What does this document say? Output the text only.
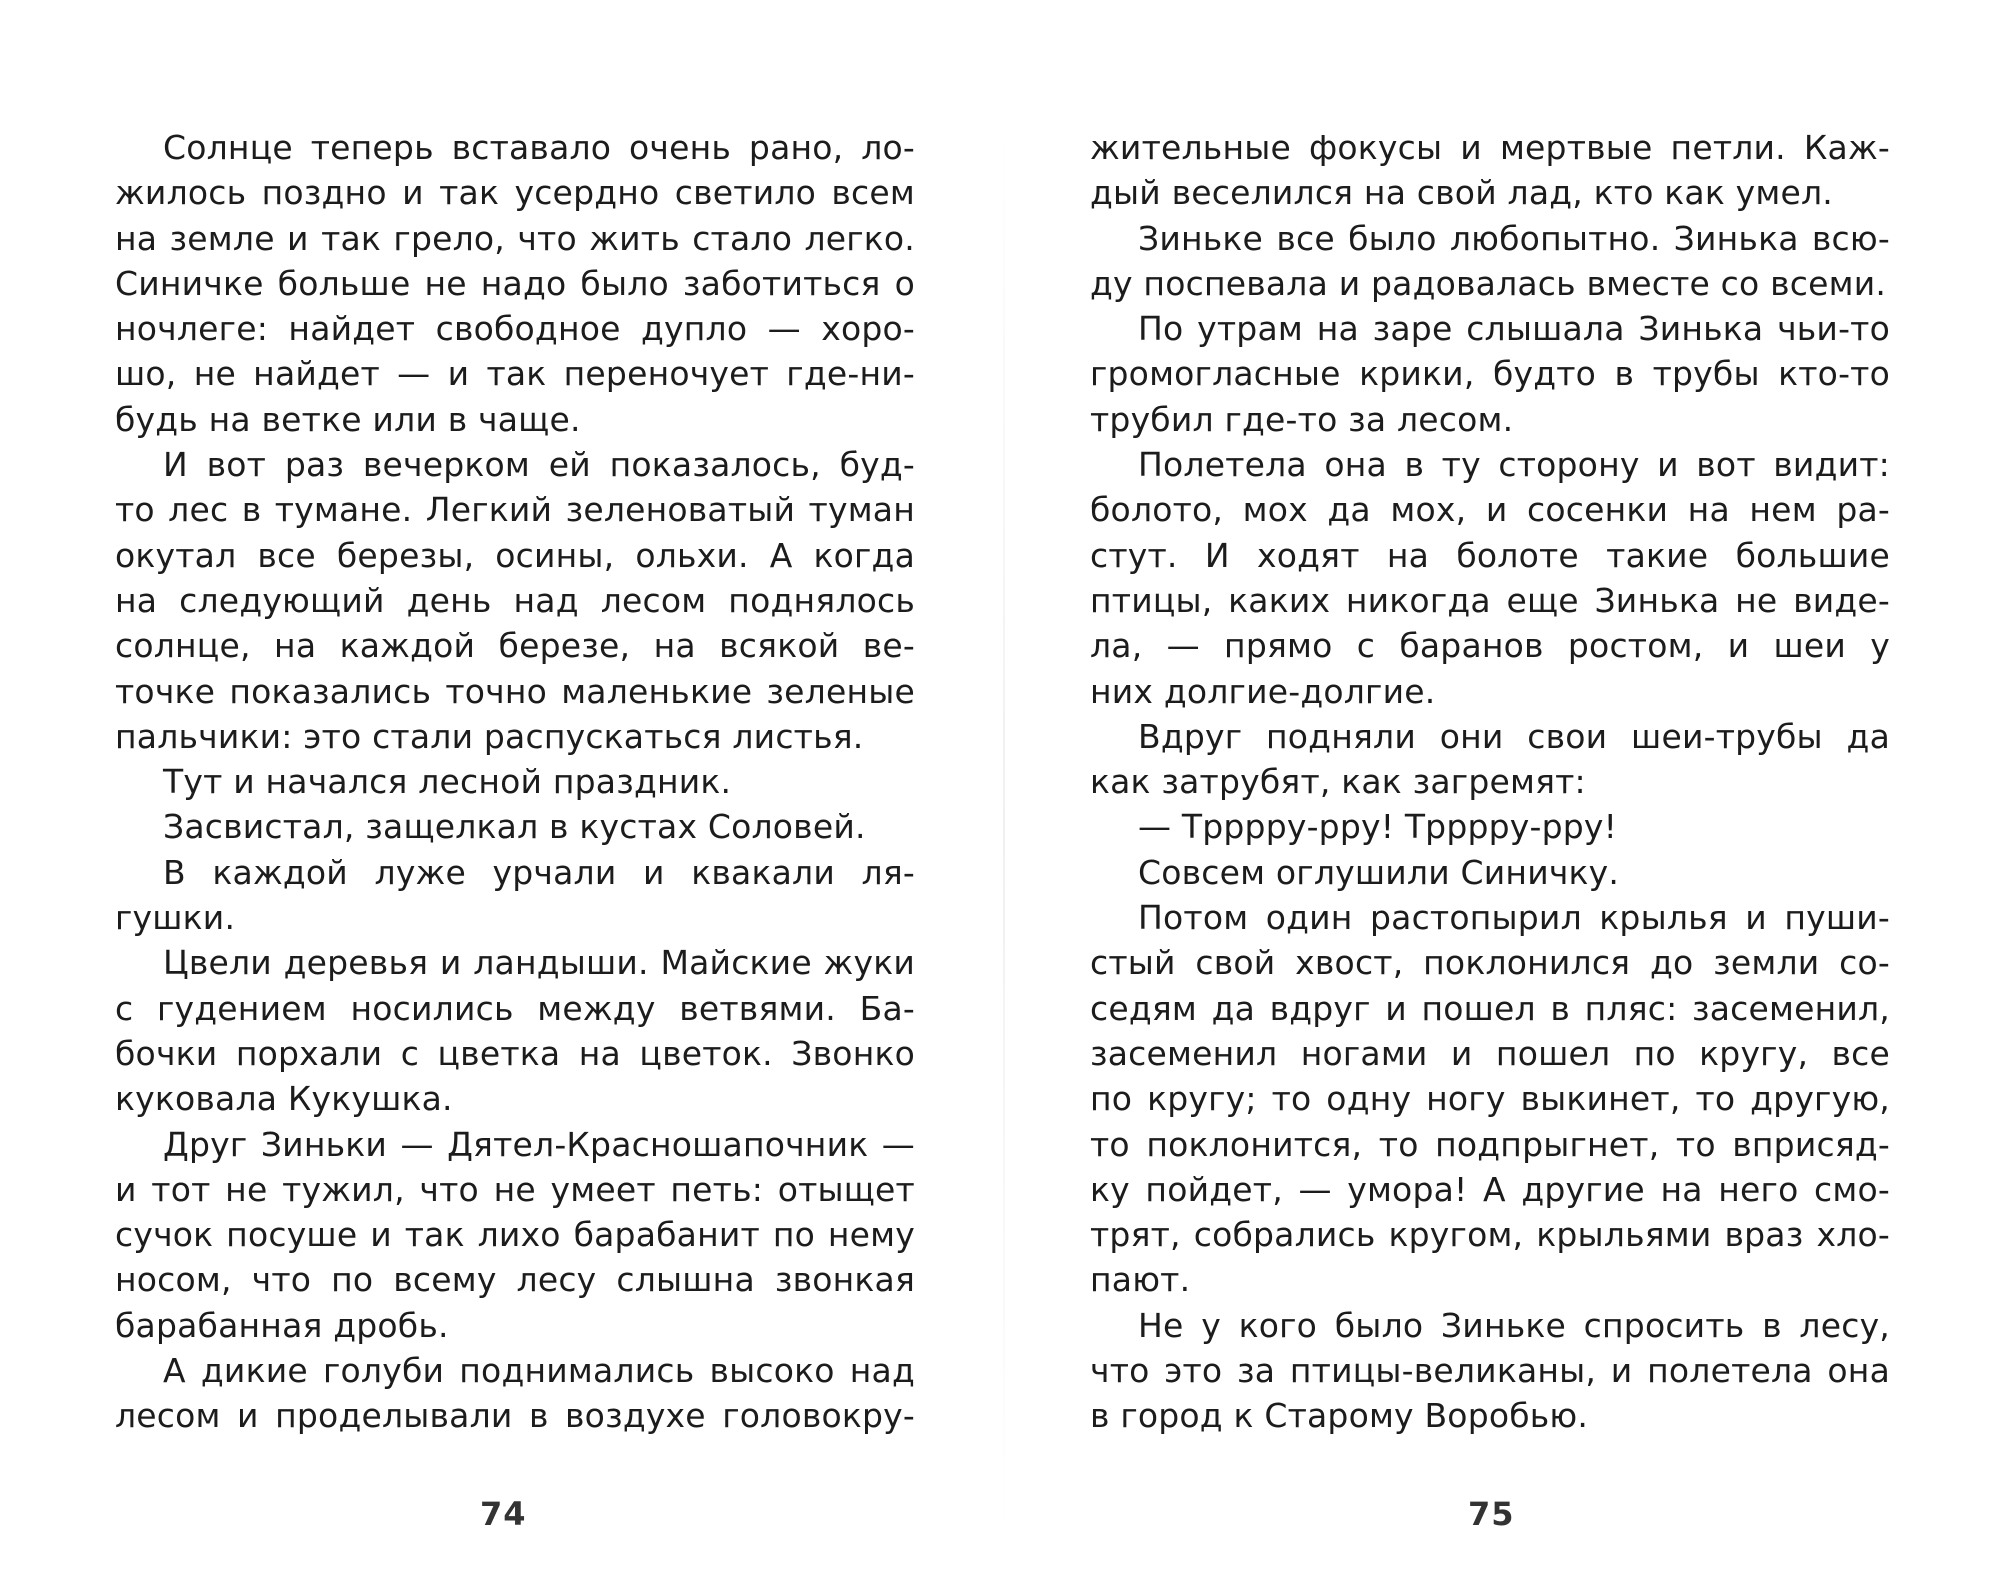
Солнце теперь вставало очень рано, ло-
жилось поздно и так усердно светило всем
на земле и так грело, что жить стало легко.
Синичке больше не надо было заботиться о
ночлеге: найдет свободное дупло — хоро-
шо, не найдет — и так переночует где-ни-
будь на ветке или в чаще.
И вот раз вечерком ей показалось, буд-
то лес в тумане. Легкий зеленоватый туман
окутал все березы, осины, ольхи. А когда
на следующий день над лесом поднялось
солнце, на каждой березе, на всякой ве-
точке показались точно маленькие зеленые
пальчики: это стали распускаться листья.
Тут и начался лесной праздник.
Засвистал, защелкал в кустах Соловей.
В каждой луже урчали и квакали ля-
гушки.
Цвели деревья и ландыши. Майские жуки
с гудением носились между ветвями. Ба-
бочки порхали с цветка на цветок. Звонко
куковала Кукушка.
Друг Зиньки — Дятел-Красношапочник —
и тот не тужил, что не умеет петь: отыщет
сучок посуше и так лихо барабанит по нему
носом, что по всему лесу слышна звонкая
барабанная дробь.
А дикие голуби поднимались высоко над
лесом и проделывали в воздухе головокру-
жительные фокусы и мертвые петли. Каж-
дый веселился на свой лад, кто как умел.
Зиньке все было любопытно. Зинька всю-
ду поспевала и радовалась вместе со всеми.
По утрам на заре слышала Зинька чьи-то
громогласные крики, будто в трубы кто-то
трубил где-то за лесом.
Полетела она в ту сторону и вот видит:
болото, мох да мох, и сосенки на нем ра-
стут. И ходят на болоте такие большие
птицы, каких никогда еще Зинька не виде-
ла, — прямо с баранов ростом, и шеи у
них долгие-долгие.
Вдруг подняли они свои шеи-трубы да
как затрубят, как загремят:
— Трррру-рру! Трррру-рру!
Совсем оглушили Синичку.
Потом один растопырил крылья и пуши-
стый свой хвост, поклонился до земли со-
седям да вдруг и пошел в пляс: засеменил,
засеменил ногами и пошел по кругу, все
по кругу; то одну ногу выкинет, то другую,
то поклонится, то подпрыгнет, то вприсяд-
ку пойдет, — умора! А другие на него смо-
трят, собрались кругом, крыльями враз хло-
пают.
Не у кого было Зиньке спросить в лесу,
что это за птицы-великаны, и полетела она
в город к Старому Воробью.
74	75
